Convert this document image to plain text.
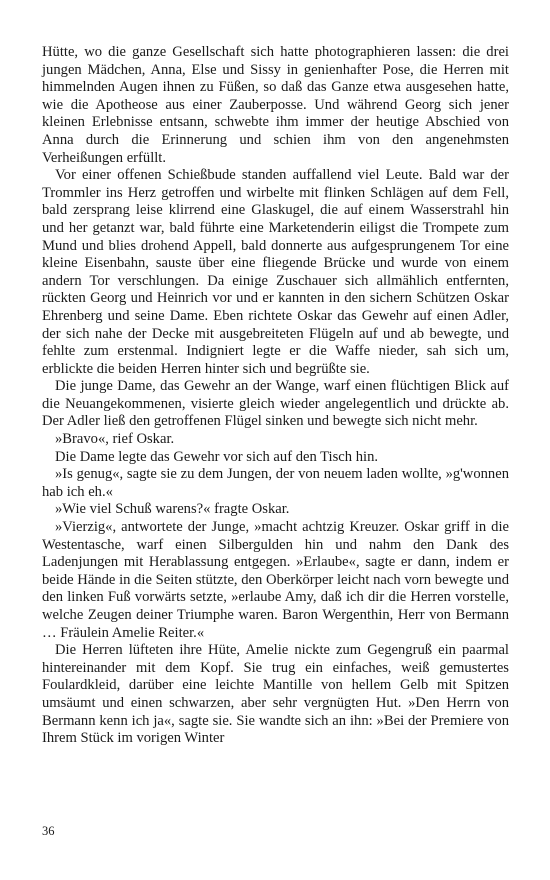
Hütte, wo die ganze Gesellschaft sich hatte photographieren lassen: die drei jungen Mädchen, Anna, Else und Sissy in genienhafter Pose, die Herren mit himmelnden Augen ihnen zu Füßen, so daß das Ganze etwa ausgesehen hatte, wie die Apotheose aus einer Zauberposse. Und während Georg sich jener kleinen Erlebnisse entsann, schwebte ihm immer der heutige Abschied von Anna durch die Erinnerung und schien ihm von den angenehmsten Verheißungen erfüllt.

Vor einer offenen Schießbude standen auffallend viel Leute. Bald war der Trommler ins Herz getroffen und wirbelte mit flinken Schlägen auf dem Fell, bald zersprang leise klirrend eine Glaskugel, die auf einem Wasserstrahl hin und her getanzt war, bald führte eine Marketenderin eiligst die Trompete zum Mund und blies drohend Appell, bald donnerte aus aufgesprungenem Tor eine kleine Eisenbahn, sauste über eine fliegende Brücke und wurde von einem andern Tor verschlungen. Da einige Zuschauer sich allmählich entfernten, rückten Georg und Heinrich vor und er kannten in den sichern Schützen Oskar Ehrenberg und seine Dame. Eben richtete Oskar das Gewehr auf einen Adler, der sich nahe der Decke mit ausgebreiteten Flügeln auf und ab bewegte, und fehlte zum erstenmal. Indigniert legte er die Waffe nieder, sah sich um, erblickte die beiden Herren hinter sich und begrüßte sie.

Die junge Dame, das Gewehr an der Wange, warf einen flüchtigen Blick auf die Neuangekommenen, visierte gleich wieder angelegentlich und drückte ab. Der Adler ließ den getroffenen Flügel sinken und bewegte sich nicht mehr.

»Bravo«, rief Oskar.

Die Dame legte das Gewehr vor sich auf den Tisch hin.

»Is genug«, sagte sie zu dem Jungen, der von neuem laden wollte, »g'wonnen hab ich eh.«

»Wie viel Schuß warens?« fragte Oskar.

»Vierzig«, antwortete der Junge, »macht achtzig Kreuzer. Oskar griff in die Westentasche, warf einen Silbergulden hin und nahm den Dank des Ladenjungen mit Herablassung entgegen. »Erlaube«, sagte er dann, indem er beide Hände in die Seiten stützte, den Oberkörper leicht nach vorn bewegte und den linken Fuß vorwärts setzte, »erlaube Amy, daß ich dir die Herren vorstelle, welche Zeugen deiner Triumphe waren. Baron Wergenthin, Herr von Bermann … Fräulein Amelie Reiter.«

Die Herren lüfteten ihre Hüte, Amelie nickte zum Gegengruß ein paarmal hintereinander mit dem Kopf. Sie trug ein einfaches, weiß gemustertes Foulardkleid, darüber eine leichte Mantille von hellem Gelb mit Spitzen umsäumt und einen schwarzen, aber sehr vergnügten Hut. »Den Herrn von Bermann kenn ich ja«, sagte sie. Sie wandte sich an ihn: »Bei der Premiere von Ihrem Stück im vorigen Winter

36
